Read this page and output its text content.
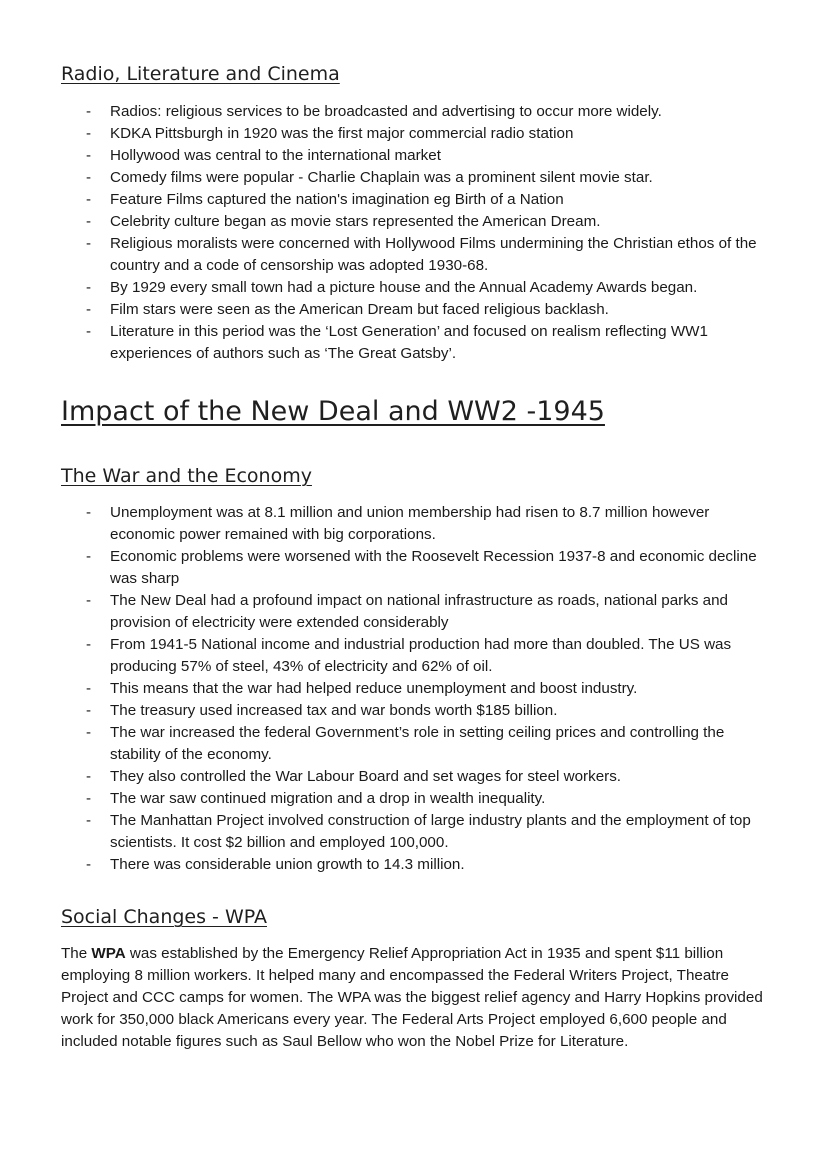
Radio, Literature and Cinema
- Radios: religious services to be broadcasted and advertising to occur more widely.
- KDKA Pittsburgh in 1920 was the first major commercial radio station
- Hollywood was central to the international market
- Comedy films were popular - Charlie Chaplain was a prominent silent movie star.
- Feature Films captured the nation's imagination eg Birth of a Nation
- Celebrity culture began as movie stars represented the American Dream.
- Religious moralists were concerned with Hollywood Films undermining the Christian ethos of the country and a code of censorship was adopted 1930-68.
- By 1929 every small town had a picture house and the Annual Academy Awards began.
- Film stars were seen as the American Dream but faced religious backlash.
- Literature in this period was the ‘Lost Generation’ and focused on realism reflecting WW1 experiences of authors such as ‘The Great Gatsby’.
Impact of the New Deal and WW2 -1945
The War and the Economy
- Unemployment was at 8.1 million and union membership had risen to 8.7 million however economic power remained with big corporations.
- Economic problems were worsened with the Roosevelt Recession 1937-8 and economic decline was sharp
- The New Deal had a profound impact on national infrastructure as roads, national parks and provision of electricity were extended considerably
- From 1941-5 National income and industrial production had more than doubled. The US was producing 57% of steel, 43% of electricity and 62% of oil.
- This means that the war had helped reduce unemployment and boost industry.
- The treasury used increased tax and war bonds worth $185 billion.
- The war increased the federal Government’s role in setting ceiling prices and controlling the stability of the economy.
- They also controlled the War Labour Board and set wages for steel workers.
- The war saw continued migration and a drop in wealth inequality.
- The Manhattan Project involved construction of large industry plants and the employment of top scientists. It cost $2 billion and employed 100,000.
- There was considerable union growth to 14.3 million.
Social Changes - WPA

The WPA was established by the Emergency Relief Appropriation Act in 1935 and spent $11 billion employing 8 million workers. It helped many and encompassed the Federal Writers Project, Theatre Project and CCC camps for women. The WPA was the biggest relief agency and Harry Hopkins provided work for 350,000 black Americans every year. The Federal Arts Project employed 6,600 people and included notable figures such as Saul Bellow who won the Nobel Prize for Literature.
